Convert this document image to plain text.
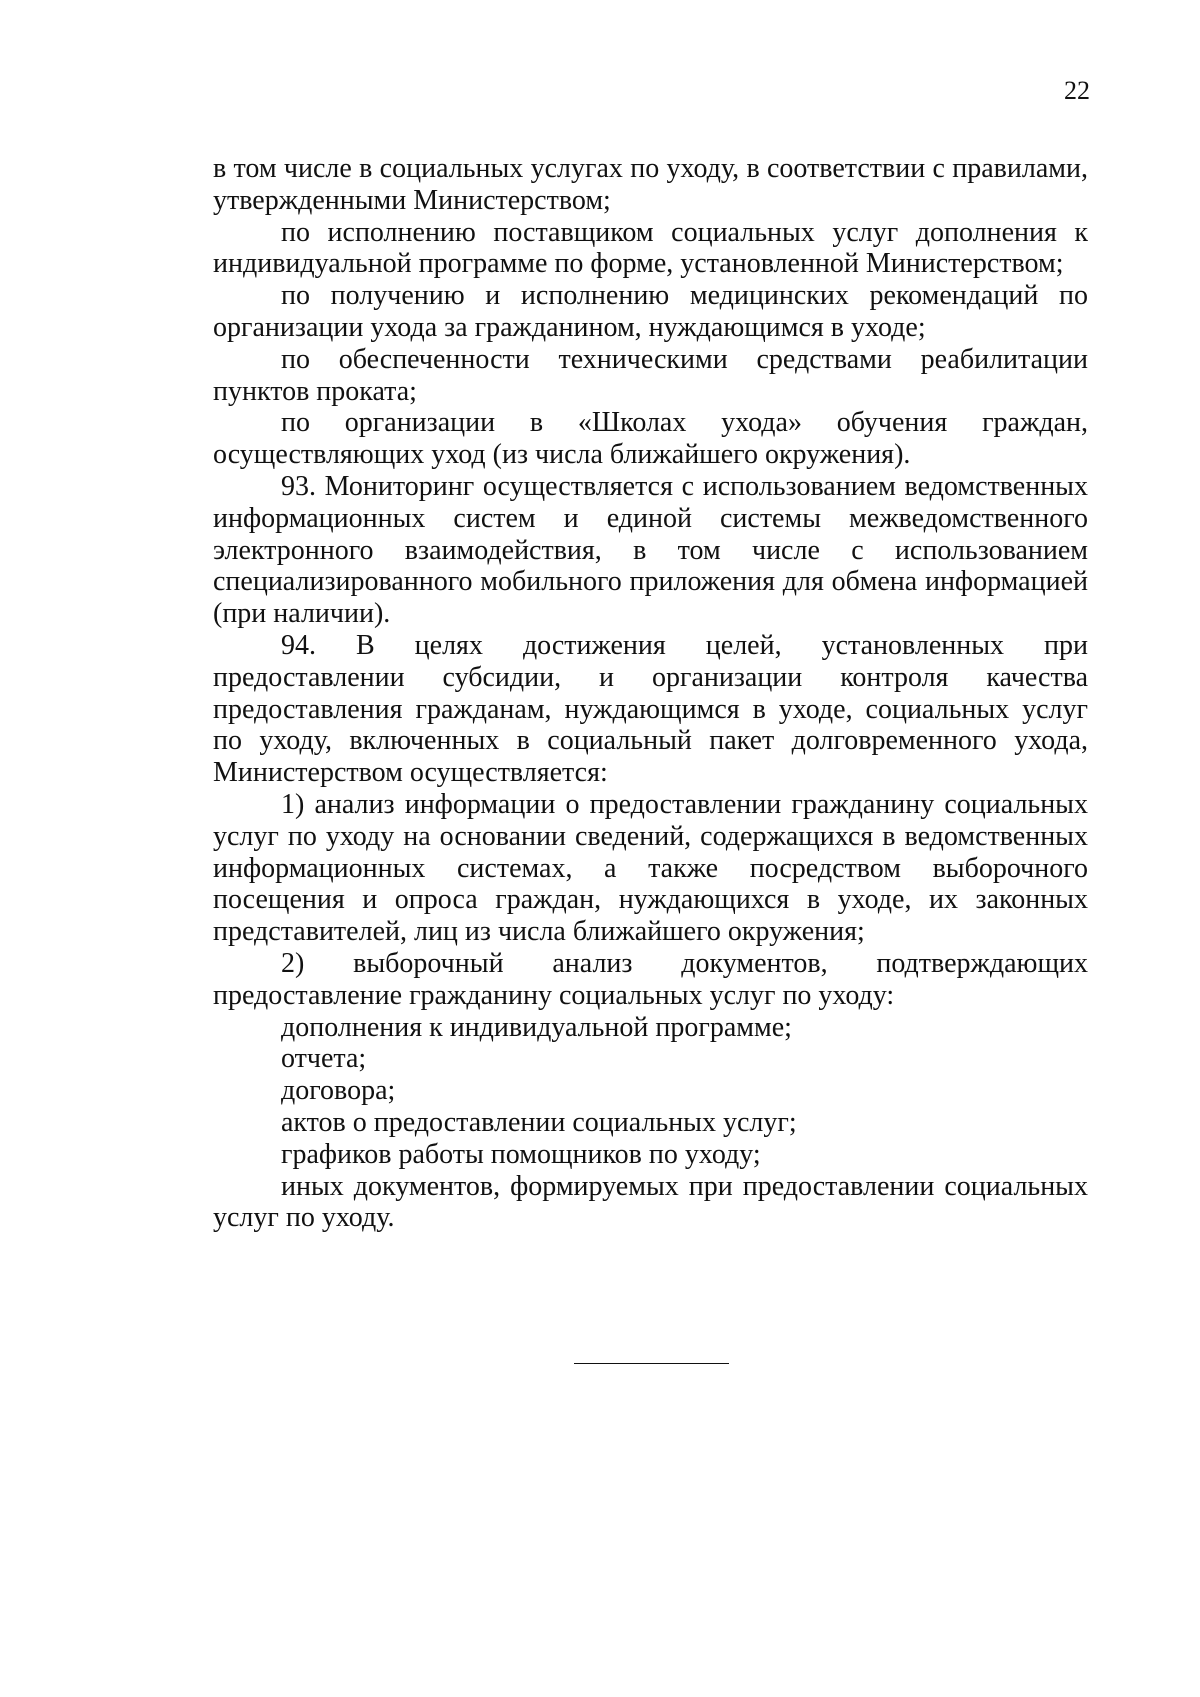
22

в том числе в социальных услугах по уходу, в соответствии с правилами, утвержденными Министерством;

по исполнению поставщиком социальных услуг дополнения к индивидуальной программе по форме, установленной Министерством;

по получению и исполнению медицинских рекомендаций по организации ухода за гражданином, нуждающимся в уходе;

по обеспеченности техническими средствами реабилитации пунктов проката;

по организации в «Школах ухода» обучения граждан, осуществляющих уход (из числа ближайшего окружения).

93. Мониторинг осуществляется с использованием ведомственных информационных систем и единой системы межведомственного электронного взаимодействия, в том числе с использованием специализированного мобильного приложения для обмена информацией (при наличии).

94. В целях достижения целей, установленных при предоставлении субсидии, и организации контроля качества предоставления гражданам, нуждающимся в уходе, социальных услуг по уходу, включенных в социальный пакет долговременного ухода, Министерством осуществляется:

1) анализ информации о предоставлении гражданину социальных услуг по уходу на основании сведений, содержащихся в ведомственных информационных системах, а также посредством выборочного посещения и опроса граждан, нуждающихся в уходе, их законных представителей, лиц из числа ближайшего окружения;

2) выборочный анализ документов, подтверждающих предоставление гражданину социальных услуг по уходу:

дополнения к индивидуальной программе;

отчета;

договора;

актов о предоставлении социальных услуг;

графиков работы помощников по уходу;

иных документов, формируемых при предоставлении социальных услуг по уходу.
